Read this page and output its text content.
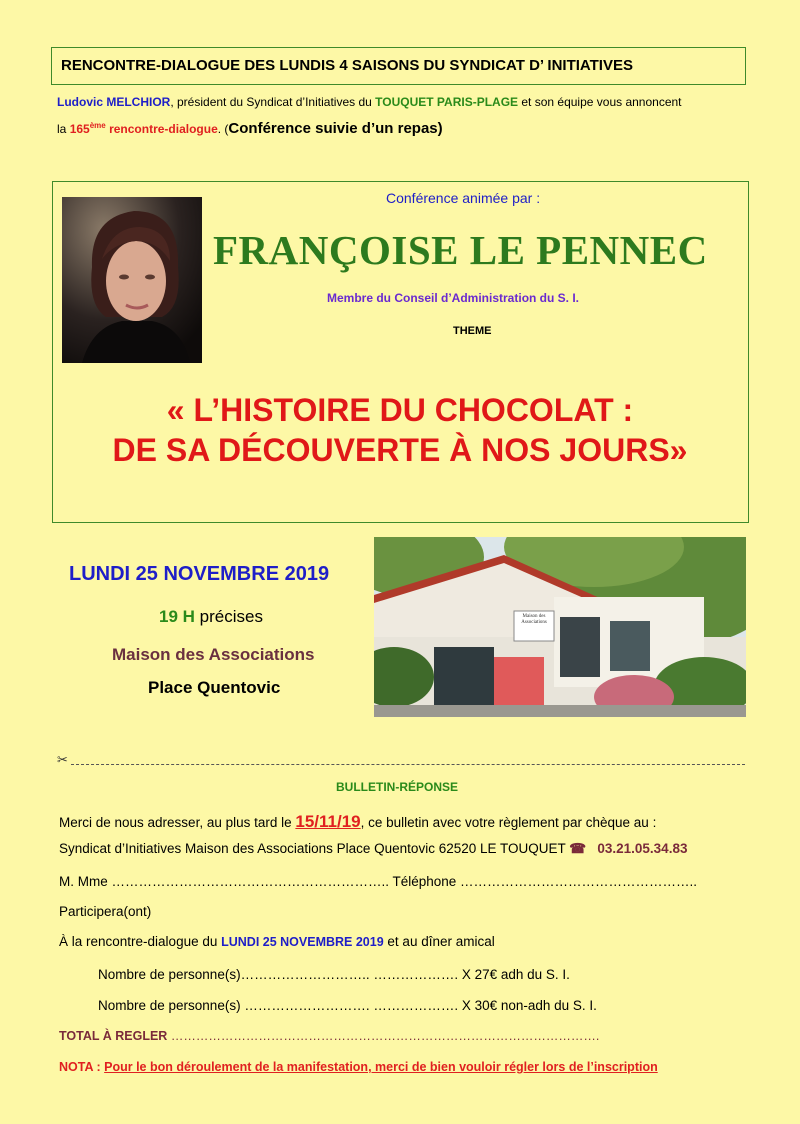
RENCONTRE-DIALOGUE DES LUNDIS 4 SAISONS DU SYNDICAT D’ INITIATIVES
Ludovic MELCHIOR, président du Syndicat d’Initiatives du TOUQUET PARIS-PLAGE et son équipe vous annoncent
la 165ème rencontre-dialogue. (Conférence suivie d’un repas)
Conférence animée par :
FRANÇOISE LE PENNEC
Membre du Conseil d’Administration du S. I.
THEME
« L’HISTOIRE DU CHOCOLAT :
DE SA DÉCOUVERTE À NOS JOURS»
LUNDI 25 NOVEMBRE 2019
19 H précises
Maison des Associations
Place Quentovic
Maison des Associations
✂
BULLETIN-RÉPONSE
Merci de nous adresser, au plus tard le 15/11/19, ce bulletin avec votre règlement par chèque au :
Syndicat d’Initiatives Maison des Associations Place Quentovic 62520 LE TOUQUET ☎ 03.21.05.34.83
M. Mme …………………………………………………….. Téléphone ……………………………………………..
Participera(ont)
À la rencontre-dialogue du LUNDI 25 NOVEMBRE 2019 et au dîner amical
Nombre de personne(s)……………………….. ………………. X 27€ adh du S. I.
Nombre de personne(s) ………………………. ………………. X 30€ non-adh du S. I.
TOTAL À REGLER ………………………………………………………………………………………….
NOTA : Pour le bon déroulement de la manifestation, merci de bien vouloir régler lors de l’inscription
